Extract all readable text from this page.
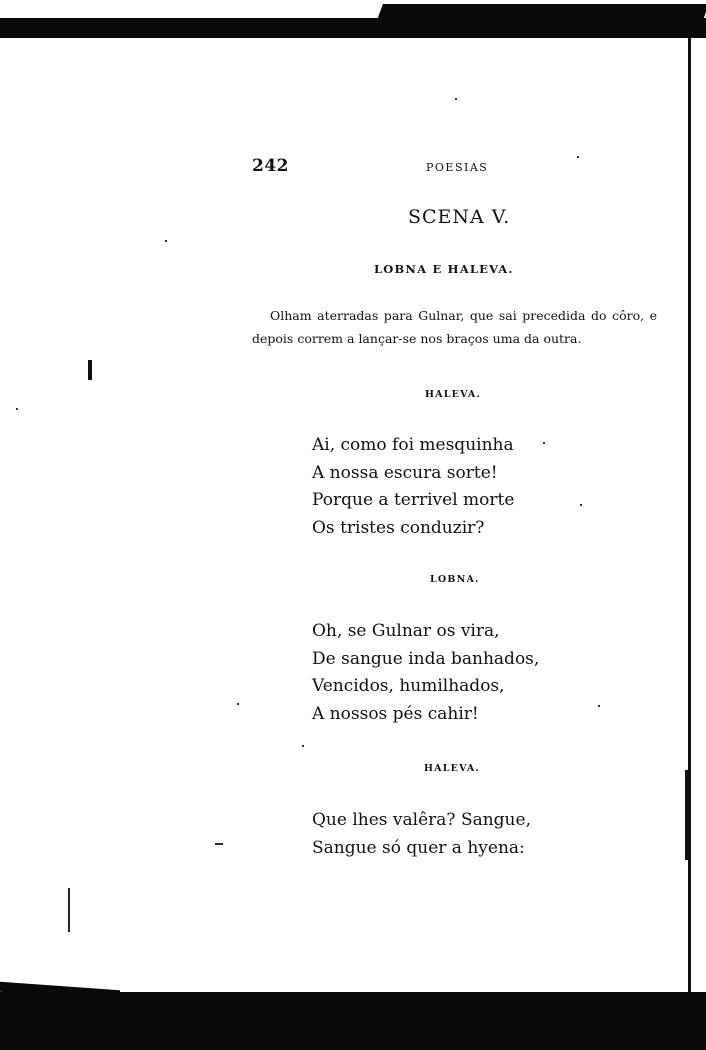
242	POESIAS
SCENA V.
LOBNA E HALEVA.
Olham aterradas para Gulnar, que sai precedida do côro, e depois correm a lançar-se nos braços uma da outra.
HALEVA.
Ai, como foi mesquinha
A nossa escura sorte!
Porque a terrivel morte
Os tristes conduzir?
LOBNA.
Oh, se Gulnar os vira,
De sangue inda banhados,
Vencidos, humilhados,
A nossos pés cahir!
HALEVA.
Que lhes valêra? Sangue,
Sangue só quer a hyena:
